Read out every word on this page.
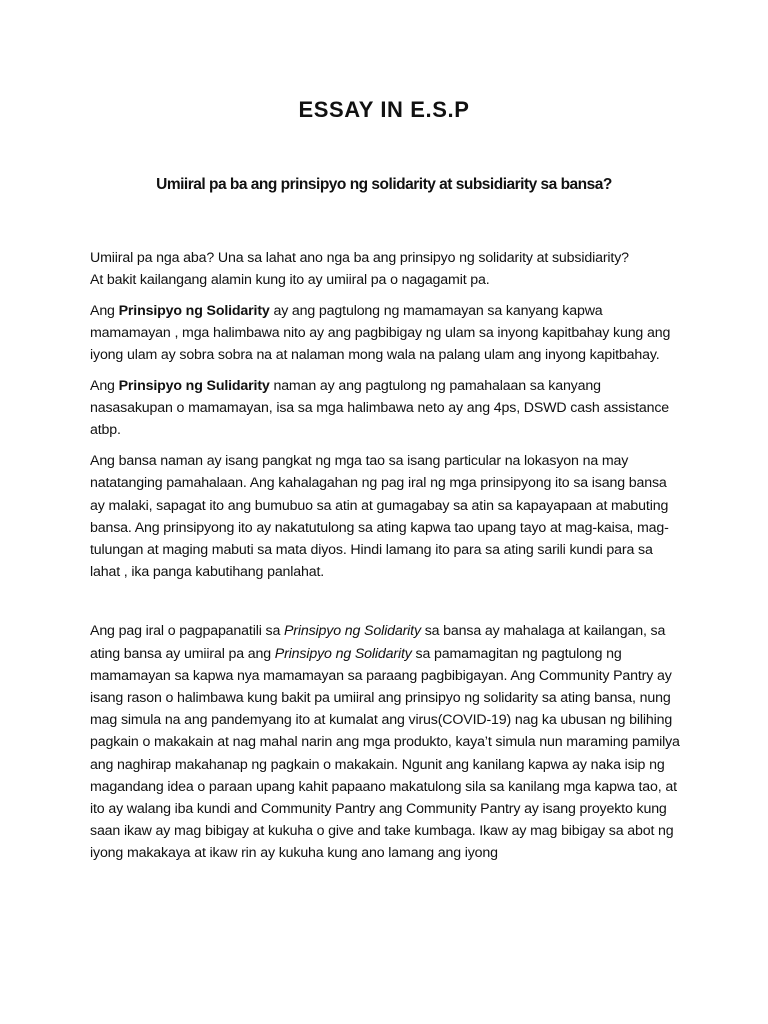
ESSAY IN E.S.P
Umiiral pa ba ang prinsipyo ng solidarity at subsidiarity sa bansa?

Umiiral pa nga aba? Una sa lahat ano nga ba ang prinsipyo ng solidarity at subsidiarity?
At bakit kailangang alamin kung ito ay umiiral pa o nagagamit pa.

Ang Prinsipyo ng Solidarity ay ang pagtulong ng mamamayan sa kanyang kapwa mamamayan , mga halimbawa nito ay ang pagbibigay ng ulam sa inyong kapitbahay kung ang iyong ulam ay sobra sobra na at nalaman mong wala na palang ulam ang inyong kapitbahay.

Ang Prinsipyo ng Sulidarity naman ay ang pagtulong ng pamahalaan sa kanyang nasasakupan o mamamayan, isa sa mga halimbawa neto ay ang 4ps, DSWD cash assistance atbp.

Ang bansa naman ay isang pangkat ng mga tao sa isang particular na lokasyon na may natatanging pamahalaan. Ang kahalagahan ng pag iral ng mga prinsipyong ito sa isang bansa ay malaki, sapagat ito ang bumubuo sa atin at gumagabay sa atin sa kapayapaan at mabuting bansa. Ang prinsipyong ito ay nakatutulong sa ating kapwa tao upang tayo at mag-kaisa, mag-tulungan at maging mabuti sa mata diyos. Hindi lamang ito para sa ating sarili kundi para sa lahat , ika panga kabutihang panlahat.

Ang pag iral o pagpapanatili sa Prinsipyo ng Solidarity sa bansa ay mahalaga at kailangan, sa ating bansa ay umiiral pa ang Prinsipyo ng Solidarity sa pamamagitan ng pagtulong ng mamamayan sa kapwa nya mamamayan sa paraang pagbibigayan. Ang Community Pantry ay isang rason o halimbawa kung bakit pa umiiral ang prinsipyo ng solidarity sa ating bansa, nung mag simula na ang pandemyang ito at kumalat ang virus(COVID-19) nag ka ubusan ng bilihing pagkain o makakain at nag mahal narin ang mga produkto, kaya’t simula nun maraming pamilya ang naghirap makahanap ng pagkain o makakain. Ngunit ang kanilang kapwa ay naka isip ng magandang idea o paraan upang kahit papaano makatulong sila sa kanilang mga kapwa tao, at ito ay walang iba kundi and Community Pantry ang Community Pantry ay isang proyekto kung saan ikaw ay mag bibigay at kukuha o give and take kumbaga. Ikaw ay mag bibigay sa abot ng iyong makakaya at ikaw rin ay kukuha kung ano lamang ang iyong
